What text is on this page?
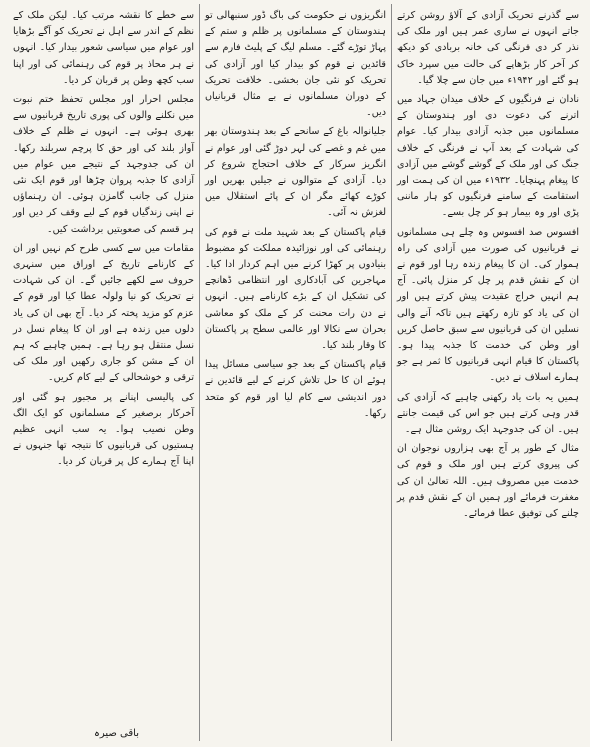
سے گذرنے تحریک آزادی کے آلاؤ روشن کرتے جاتے انہوں نے ساری عمر ہیں اور ملک کی نذر کر دی فرنگی کی خانہ بربادی کو دیکھ کر آخر کار بڑھاپے کی حالت میں سپرد خاک ہو گئے اور ۱۹۴۲ء میں جان سے چلا گیا۔

نادان نے فرنگیوں کے خلاف میدان جہاد میں اترنے کی دعوت دی اور ہندوستان کے مسلمانوں میں جذبہ آزادی بیدار کیا۔ عوام کی شہادت کے بعد آپ نے فرنگی کے خلاف جنگ کی اور ملک کے گوشے گوشے میں آزادی کا پیغام پہنچایا۔ ۱۹۳۲ء میں ان کی ہمت اور استقامت کے سامنے فرنگیوں کو ہار ماننی پڑی اور وہ بیمار ہو کر چل بسے۔

افسوس صد افسوس وہ چلے ہی مسلمانوں نے قربانیوں کی صورت میں آزادی کی راہ ہموار کی۔ ان کا پیغام زندہ رہا اور قوم نے ان کے نقش قدم پر چل کر منزل پائی۔ آج ہم انہیں خراج عقیدت پیش کرتے ہیں اور ان کی یاد کو تازہ رکھتے ہیں تاکہ آنے والی نسلیں ان کی قربانیوں سے سبق حاصل کریں اور وطن کی خدمت کا جذبہ پیدا ہو۔ پاکستان کا قیام انہی قربانیوں کا ثمر ہے جو ہمارے اسلاف نے دیں۔

ہمیں یہ بات یاد رکھنی چاہیے کہ آزادی کی قدر وہی کرتے ہیں جو اس کی قیمت جانتے ہیں۔ ان کی جدوجہد ایک روشن مثال ہے۔

مثال کے طور پر آج بھی ہزاروں نوجوان ان کی پیروی کرتے ہیں اور ملک و قوم کی خدمت میں مصروف ہیں۔ اللہ تعالیٰ ان کی مغفرت فرمائے اور ہمیں ان کے نقش قدم پر چلنے کی توفیق عطا فرمائے۔

انگریزوں نے حکومت کی باگ ڈور سنبھالی تو ہندوستان کے مسلمانوں پر ظلم و ستم کے پہاڑ توڑے گئے۔ مسلم لیگ کے پلیٹ فارم سے قائدین نے قوم کو بیدار کیا اور آزادی کی تحریک کو نئی جان بخشی۔ خلافت تحریک کے دوران مسلمانوں نے بے مثال قربانیاں دیں۔

جلیانوالہ باغ کے سانحے کے بعد ہندوستان بھر میں غم و غصے کی لہر دوڑ گئی اور عوام نے انگریز سرکار کے خلاف احتجاج شروع کر دیا۔ آزادی کے متوالوں نے جیلیں بھریں اور کوڑے کھائے مگر ان کے پائے استقلال میں لغزش نہ آئی۔

قیام پاکستان کے بعد شہید ملت نے قوم کی رہنمائی کی اور نوزائیدہ مملکت کو مضبوط بنیادوں پر کھڑا کرنے میں اہم کردار ادا کیا۔ مہاجرین کی آبادکاری اور انتظامی ڈھانچے کی تشکیل ان کے بڑے کارنامے ہیں۔ انہوں نے دن رات محنت کر کے ملک کو معاشی بحران سے نکالا اور عالمی سطح پر پاکستان کا وقار بلند کیا۔

قیام پاکستان کے بعد جو سیاسی مسائل پیدا ہوئے ان کا حل تلاش کرنے کے لیے قائدین نے دور اندیشی سے کام لیا اور قوم کو متحد رکھا۔

سے خطے کا نقشہ مرتب کیا۔ لیکن ملک کے نظم کے اندر سے اہل نے تحریک کو آگے بڑھایا اور عوام میں سیاسی شعور بیدار کیا۔ انہوں نے ہر محاذ پر قوم کی رہنمائی کی اور اپنا سب کچھ وطن پر قربان کر دیا۔

مجلس احرار اور مجلس تحفظ ختم نبوت میں نکلنے والوں کی پوری تاریخ قربانیوں سے بھری ہوئی ہے۔ انہوں نے ظلم کے خلاف آواز بلند کی اور حق کا پرچم سربلند رکھا۔ ان کی جدوجہد کے نتیجے میں عوام میں آزادی کا جذبہ پروان چڑھا اور قوم ایک نئی منزل کی جانب گامزن ہوئی۔ ان رہنماؤں نے اپنی زندگیاں قوم کے لیے وقف کر دیں اور ہر قسم کی صعوبتیں برداشت کیں۔

مقامات میں سے کسی طرح کم نہیں اور ان کے کارنامے تاریخ کے اوراق میں سنہری حروف سے لکھے جائیں گے۔ ان کی شہادت نے تحریک کو نیا ولولہ عطا کیا اور قوم کے عزم کو مزید پختہ کر دیا۔ آج بھی ان کی یاد دلوں میں زندہ ہے اور ان کا پیغام نسل در نسل منتقل ہو رہا ہے۔ ہمیں چاہیے کہ ہم ان کے مشن کو جاری رکھیں اور ملک کی ترقی و خوشحالی کے لیے کام کریں۔

کی پالیسی اپنانے پر مجبور ہو گئی اور آخرکار برصغیر کے مسلمانوں کو ایک الگ وطن نصیب ہوا۔ یہ سب انہی عظیم ہستیوں کی قربانیوں کا نتیجہ تھا جنہوں نے اپنا آج ہمارے کل پر قربان کر دیا۔

باقی صیرہ
